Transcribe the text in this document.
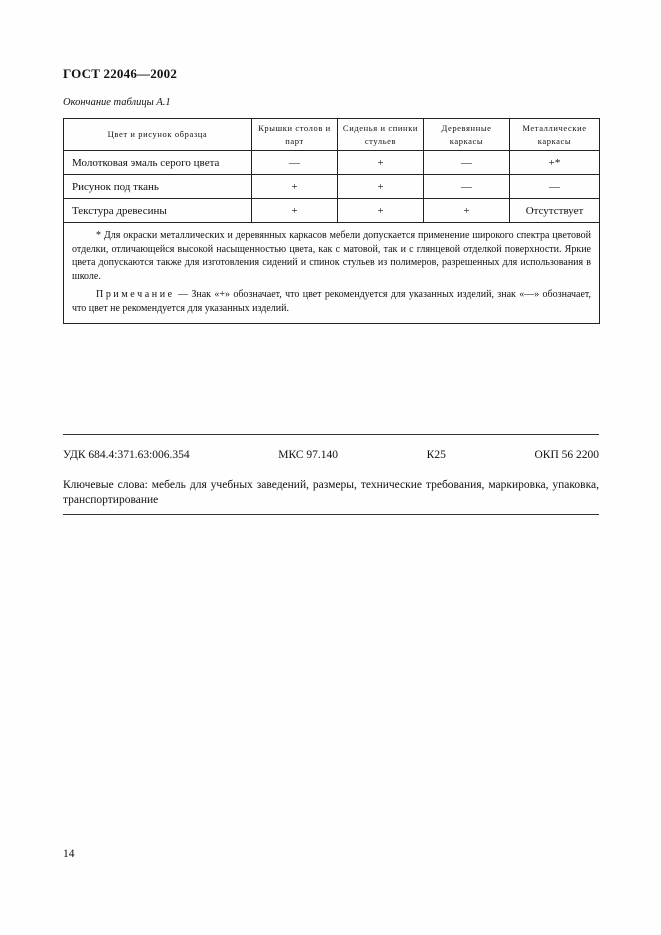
ГОСТ 22046—2002
Окончание таблицы А.1
Цвет и рисунок образца	Крышки столов и парт	Сиденья и спинки стульев	Деревянные каркасы	Металлические каркасы
Молотковая эмаль серого цвета	—	+	—	+*
Рисунок под ткань	+	+	—	—
Текстура древесины	+	+	+	Отсутствует

* Для окраски металлических и деревянных каркасов мебели допускается применение широкого спектра цветовой отделки, отличающейся высокой насыщенностью цвета, как с матовой, так и с глянцевой отделкой поверхности. Яркие цвета допускаются также для изготовления сидений и спинок стульев из полимеров, разрешенных для использования в школе.

Примечание — Знак «+» обозначает, что цвет рекомендуется для указанных изделий, знак «—» обозначает, что цвет не рекомендуется для указанных изделий.				

УДК 684.4:371.63:006.354	МКС 97.140	К25	ОКП 56 2200
Ключевые слова: мебель для учебных заведений, размеры, технические требования, маркировка, упаковка, транспортирование
14
